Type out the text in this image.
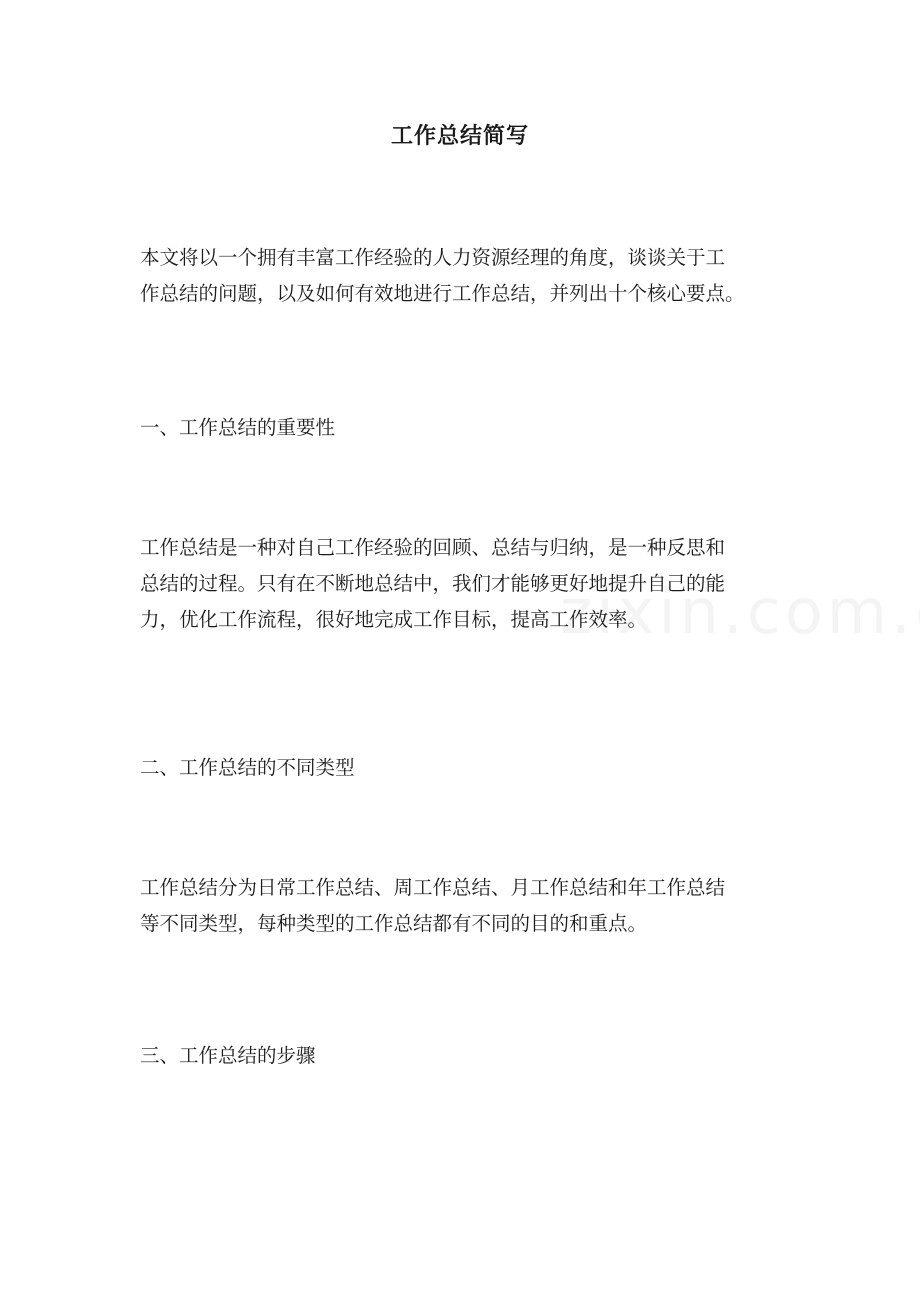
工作总结简写

本文将以一个拥有丰富工作经验的人力资源经理的角度，谈谈关于工
作总结的问题，以及如何有效地进行工作总结，并列出十个核心要点。

一、工作总结的重要性

工作总结是一种对自己工作经验的回顾、总结与归纳，是一种反思和
总结的过程。只有在不断地总结中，我们才能够更好地提升自己的能
力，优化工作流程，很好地完成工作目标，提高工作效率。

二、工作总结的不同类型

工作总结分为日常工作总结、周工作总结、月工作总结和年工作总结
等不同类型，每种类型的工作总结都有不同的目的和重点。

三、工作总结的步骤
